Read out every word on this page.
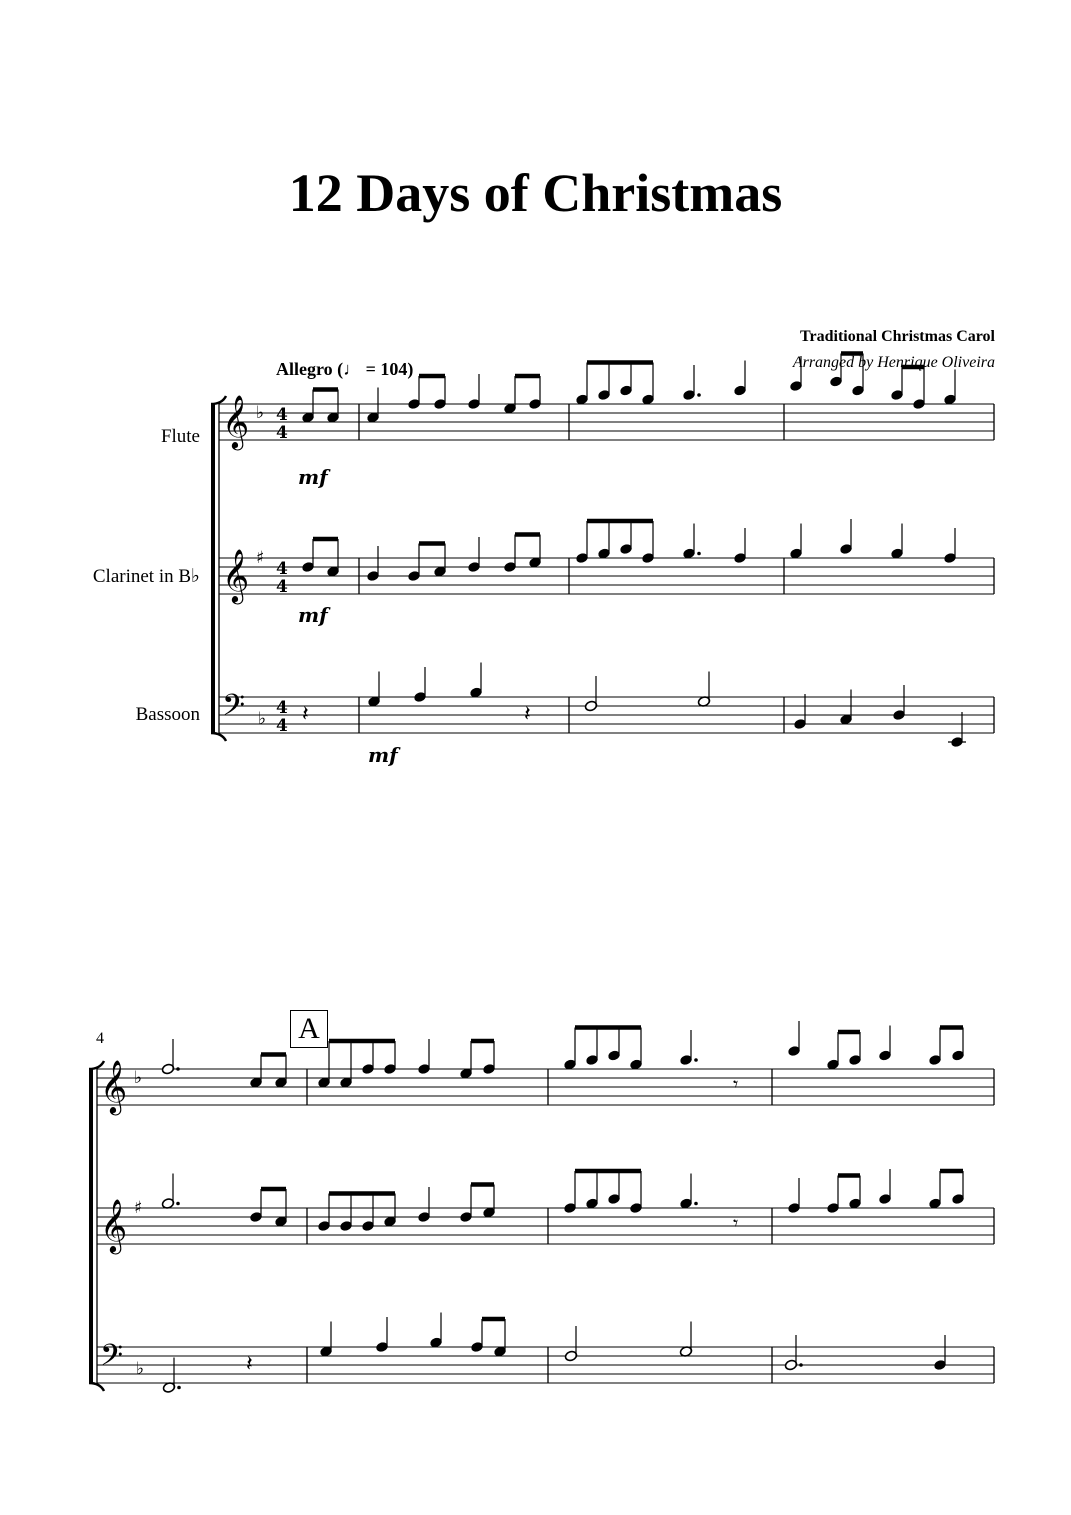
12 Days of Christmas
Traditional Christmas Carol
Arranged by Henrique Oliveira
Allegro (♩ = 104)
Flute
Clarinet in B♭
Bassoon
4	A
𝄞 ♭ 4
4
𝄞 ♯
4
4
𝄢 ♭
4
4
mf
mf
mf
𝄽	𝄽
𝄞 ♭
𝄞 ♯
𝄢 ♭
𝄾
𝄾
𝄽
